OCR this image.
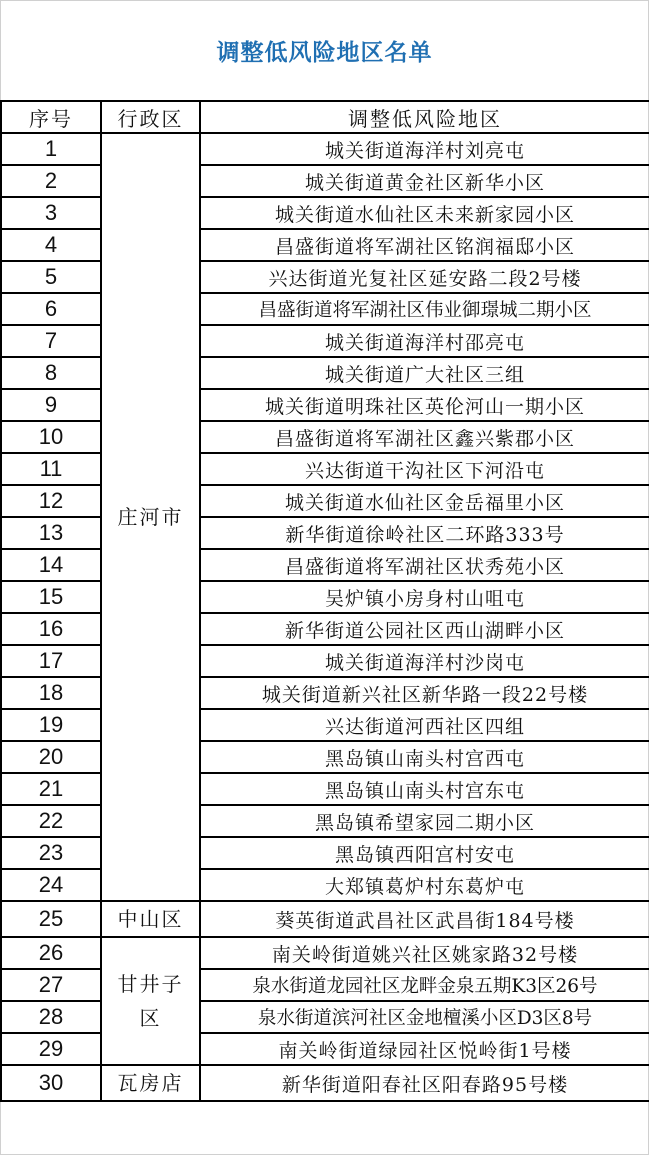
调整低风险地区名单
序号	行政区	调整低风险地区
1	庄河市	城关街道海洋村刘亮屯
2		城关街道黄金社区新华小区
3		城关街道水仙社区未来新家园小区
4		昌盛街道将军湖社区铭润福邸小区
5		兴达街道光复社区延安路二段2号楼
6		昌盛街道将军湖社区伟业御璟城二期小区
7		城关街道海洋村邵亮屯
8		城关街道广大社区三组
9		城关街道明珠社区英伦河山一期小区
10		昌盛街道将军湖社区鑫兴紫郡小区
11		兴达街道干沟社区下河沿屯
12		城关街道水仙社区金岳福里小区
13		新华街道徐岭社区二环路333号
14		昌盛街道将军湖社区状秀苑小区
15		吴炉镇小房身村山咀屯
16		新华街道公园社区西山湖畔小区
17		城关街道海洋村沙岗屯
18		城关街道新兴社区新华路一段22号楼
19		兴达街道河西社区四组
20		黑岛镇山南头村宫西屯
21		黑岛镇山南头村宫东屯
22		黑岛镇希望家园二期小区
23		黑岛镇西阳宫村安屯
24		大郑镇葛炉村东葛炉屯
25	中山区	葵英街道武昌社区武昌街184号楼
26	甘井子
区	南关岭街道姚兴社区姚家路32号楼
27		泉水街道龙园社区龙畔金泉五期K3区26号
28		泉水街道滨河社区金地檀溪小区D3区8号
29		南关岭街道绿园社区悦岭街1号楼
30	瓦房店	新华街道阳春社区阳春路95号楼
